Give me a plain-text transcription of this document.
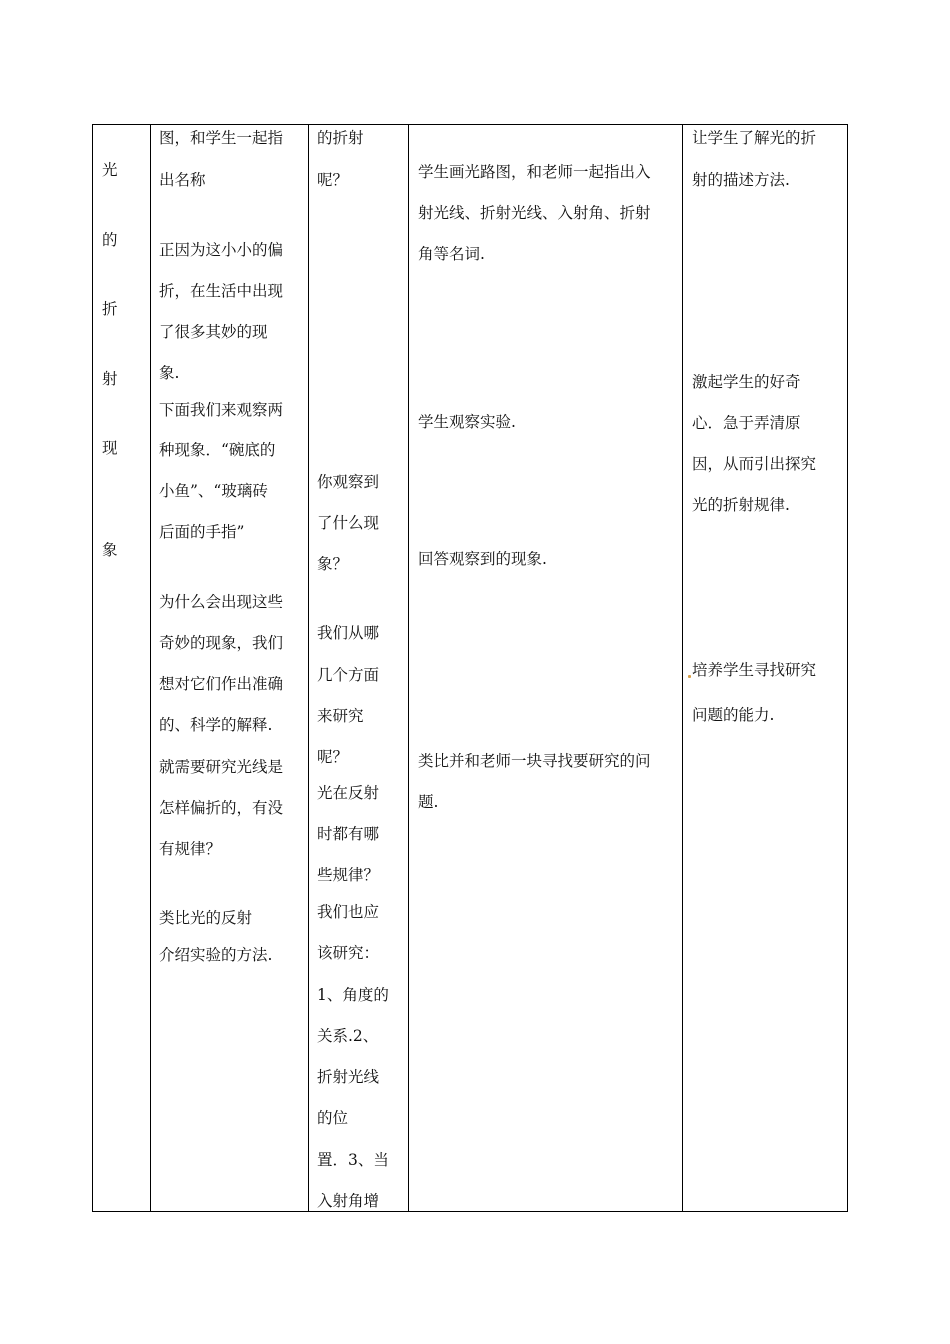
光
的
折
射
现
象
图，和学生一起指
出名称
正因为这小小的偏
折，在生活中出现
了很多其妙的现
象.
下面我们来观察两
种现象．“碗底的
小鱼”、“玻璃砖
后面的手指”
为什么会出现这些
奇妙的现象，我们
想对它们作出准确
的、科学的解释.
就需要研究光线是
怎样偏折的，有没
有规律？
类比光的反射
介绍实验的方法.
的折射
呢？
你观察到
了什么现
象？
我们从哪
几个方面
来研究
呢？
光在反射
时都有哪
些规律？
我们也应
该研究：
1、角度的
关系.2、
折射光线
的位
置．3、当
入射角增
学生画光路图，和老师一起指出入
射光线、折射光线、入射角、折射
角等名词.
学生观察实验.
回答观察到的现象.
类比并和老师一块寻找要研究的问
题.
让学生了解光的折
射的描述方法.
激起学生的好奇
心．急于弄清原
因，从而引出探究
光的折射规律.
培养学生寻找研究
问题的能力.
